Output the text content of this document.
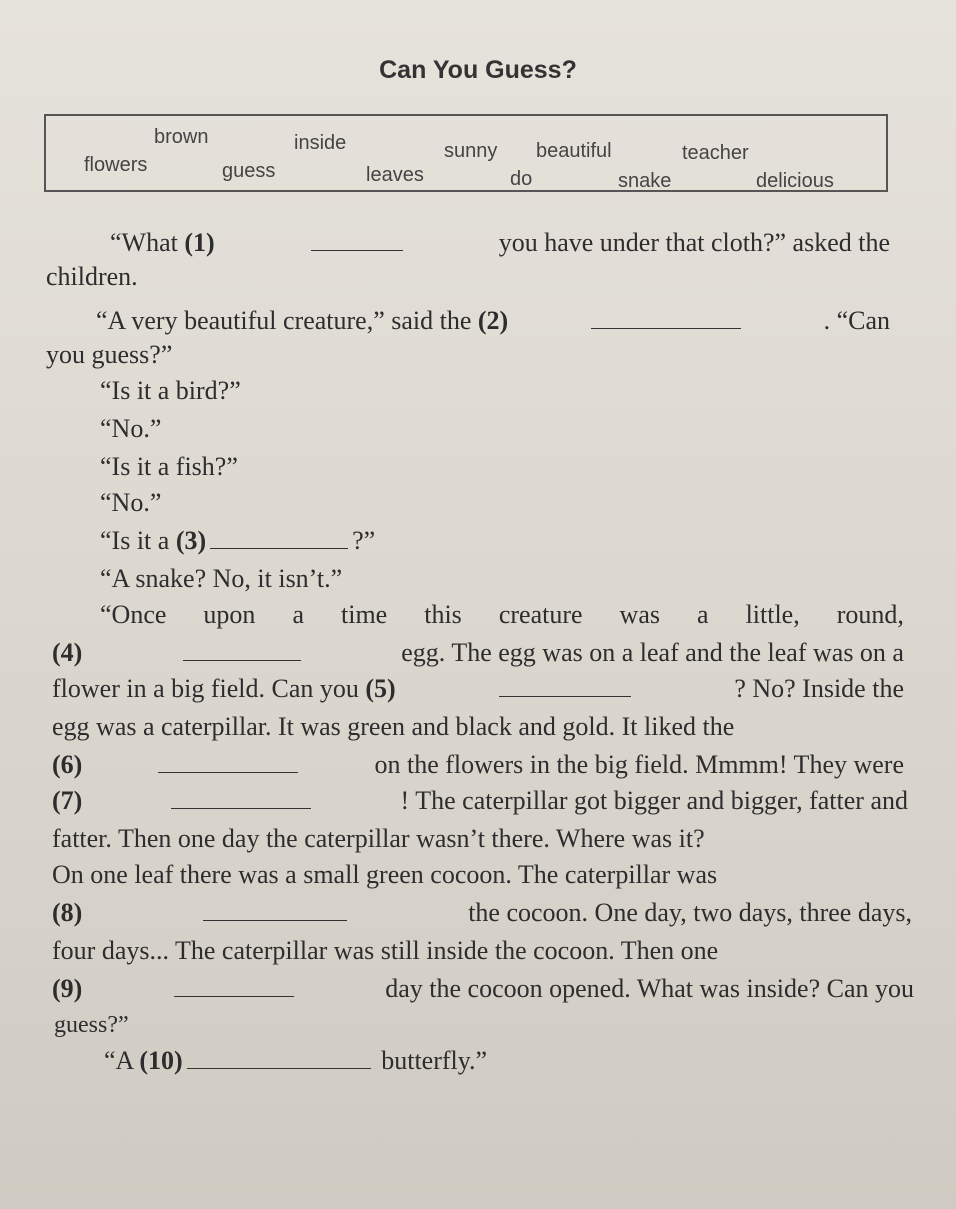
Can You Guess?
brown	inside	sunny beautiful	teacher
flowers	guess	leaves	do	snake	delicious
“What (1)	you have under that cloth?” asked the
children.
“A very beautiful creature,” said the (2)	. “Can
you guess?”
“Is it a bird?”
“No.”
“Is it a fish?”
“No.”
“Is it a (3)	?”
“A snake? No, it isn’t.”
“Once upon a time this creature was a little, round,
(4)	egg. The egg was on a leaf and the leaf was on a
flower in a big field. Can you (5)	? No? Inside the
egg was a caterpillar. It was green and black and gold. It liked the
(6)	on the flowers in the big field. Mmmm! They were
(7)	! The caterpillar got bigger and bigger, fatter and
fatter. Then one day the caterpillar wasn’t there. Where was it?
On one leaf there was a small green cocoon. The caterpillar was
(8)	the cocoon. One day, two days, three days,
four days... The caterpillar was still inside the cocoon. Then one
(9)	day the cocoon opened. What was inside? Can you
guess?”
“A (10)	butterfly.”
